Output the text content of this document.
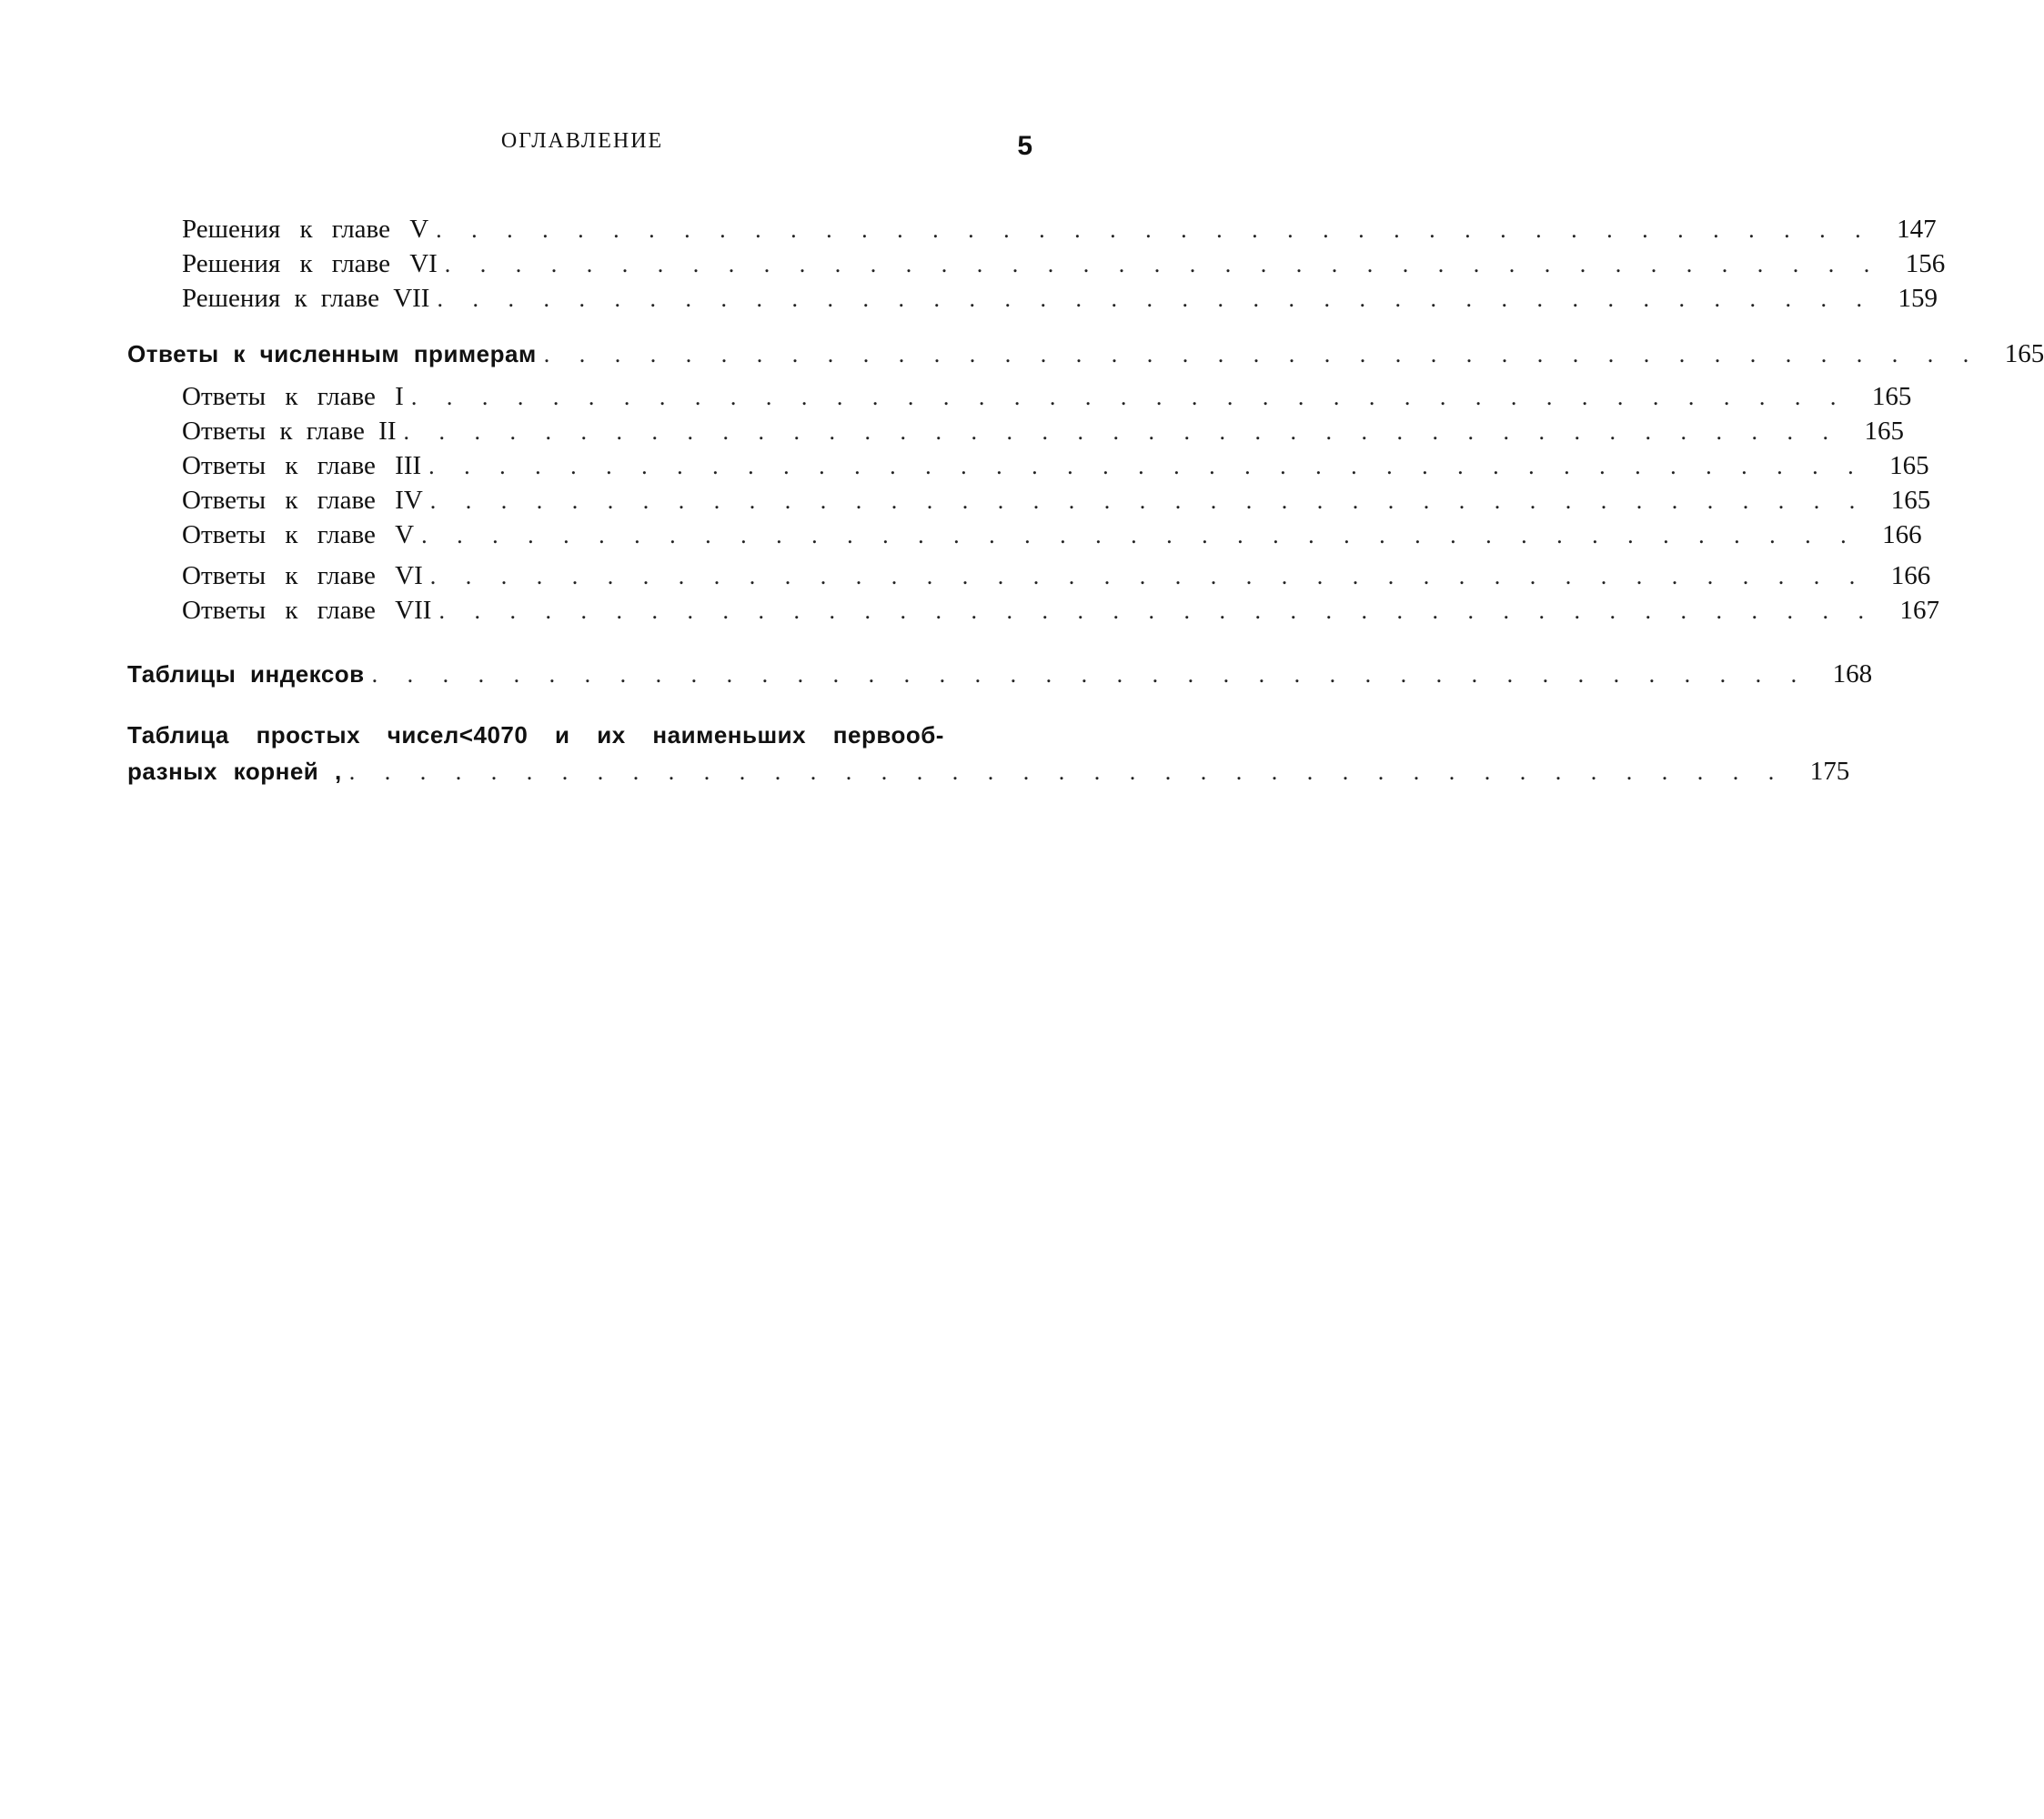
ОГЛАВЛЕНИЕ	5
Решения к главе V . . . . . . . . . . . . . . . . . . . . . . . . . . . . . . . . . . . . . . . . . 147
Решения к главе VI . . . . . . . . . . . . . . . . . . . . . . . . . . . . . . . . . . . . . . . . . 156
Решения к главе VII . . . . . . . . . . . . . . . . . . . . . . . . . . . . . . . . . . . . . . . . . 159
Ответы к численным примерам . . . . . . . . . . . . . . . . . . . . . . . . . . . . . . . . . . . . . . . . . 165
Ответы к главе I . . . . . . . . . . . . . . . . . . . . . . . . . . . . . . . . . . . . . . . . . 165
Ответы к главе II . . . . . . . . . . . . . . . . . . . . . . . . . . . . . . . . . . . . . . . . . 165
Ответы к главе III . . . . . . . . . . . . . . . . . . . . . . . . . . . . . . . . . . . . . . . . . 165
Ответы к главе IV . . . . . . . . . . . . . . . . . . . . . . . . . . . . . . . . . . . . . . . . . 165
Ответы к главе V . . . . . . . . . . . . . . . . . . . . . . . . . . . . . . . . . . . . . . . . . 166
Ответы к главе VI . . . . . . . . . . . . . . . . . . . . . . . . . . . . . . . . . . . . . . . . . 166
Ответы к главе VII . . . . . . . . . . . . . . . . . . . . . . . . . . . . . . . . . . . . . . . . . 167
Таблицы индексов . . . . . . . . . . . . . . . . . . . . . . . . . . . . . . . . . . . . . . . . . 168
Таблица простых чисел<4070 и их наименьших первооб-
разных корней , . . . . . . . . . . . . . . . . . . . . . . . . . . . . . . . . . . . . . . . . . 175
